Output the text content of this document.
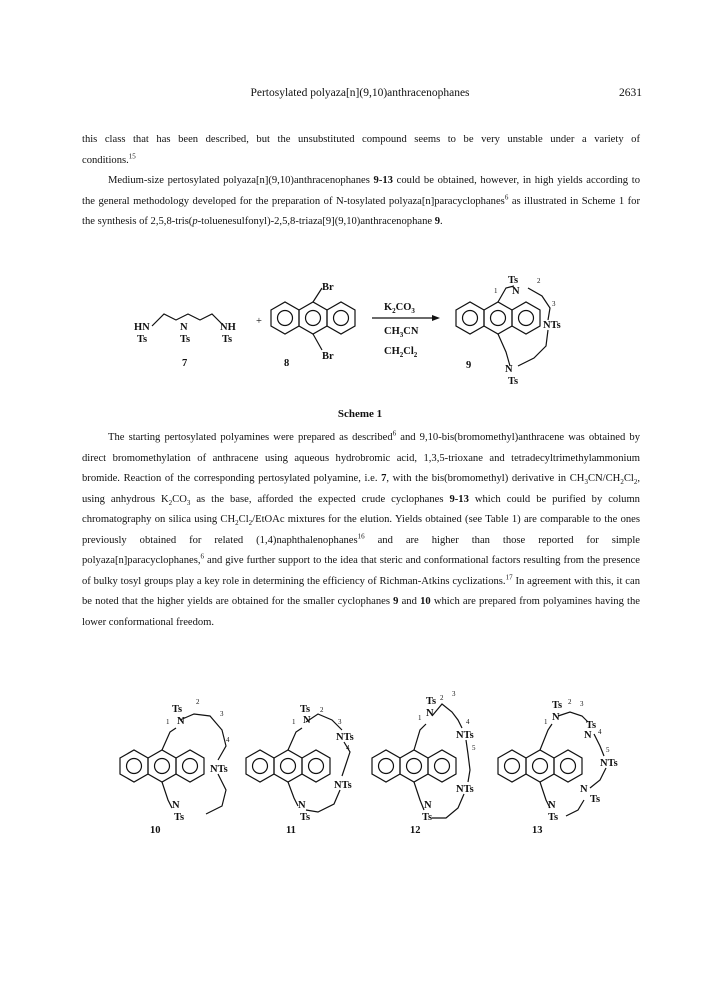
Pertosylated polyaza[n](9,10)anthracenophanes	2631

this class that has been described, but the unsubstituted compound seems to be very unstable under a variety of

conditions.$^{15}$

Medium-size pertosylated polyaza[n](9,10)anthracenophanes 9-13 could be obtained, however, in high yields according to the general methodology developed for the preparation of N-tosylated polyaza[n]paracyclophanes$^6$ as illustrated in Scheme 1 for the synthesis of 2,5,8-tris(p-toluenesulfonyl)-2,5,8-triaza[9](9,10)anthracenophane 9.

HN	N	NH
Ts	Ts	Ts
7
+
Br
Br
8
$K_2CO_3$
$CH_3CN$
$CH_2Cl_2$
Ts
N
NTs
N
Ts
9
1
2
3
Scheme 1

The starting pertosylated polyamines were prepared as described$^6$ and 9,10-bis(bromomethyl)anthracene was obtained by direct bromomethylation of anthracene using aqueous hydrobromic acid, 1,3,5-trioxane and tetradecyltrimethylammonium bromide. Reaction of the corresponding pertosylated polyamine, i.e. 7, with the bis(bromomethyl) derivative in $CH_3CN/CH_2Cl_2$, using anhydrous $K_2CO_3$ as the base, afforded the expected crude cyclophanes 9-13 which could be purified by column chromatography on silica using $CH_2Cl_2$/EtOAc mixtures for the elution. Yields obtained (see Table 1) are comparable to the ones previously obtained for related (1,4)naphthalenophanes$^{16}$ and are higher than those reported for simple polyaza[n]paracyclophanes,$^6$ and give further support to the idea that steric and conformational factors resulting from the presence of bulky tosyl groups play a key role in determining the efficiency of Richman-Atkins cyclizations.$^{17}$ In agreement with this, it can be noted that the higher yields are obtained for the smaller cyclophanes 9 and 10 which are prepared from polyamines having the lower conformational freedom.

Ts
N
NTs
N
Ts
10
Ts
N
NTs
NTs
N
Ts
11
Ts
N
NTs
NTs
N
Ts
12
Ts
N
Ts
N
NTs
N
Ts
N
Ts
13
1
2
3
4
1
2
3
4
1
2 3
4
5
1
2 3
4
5
